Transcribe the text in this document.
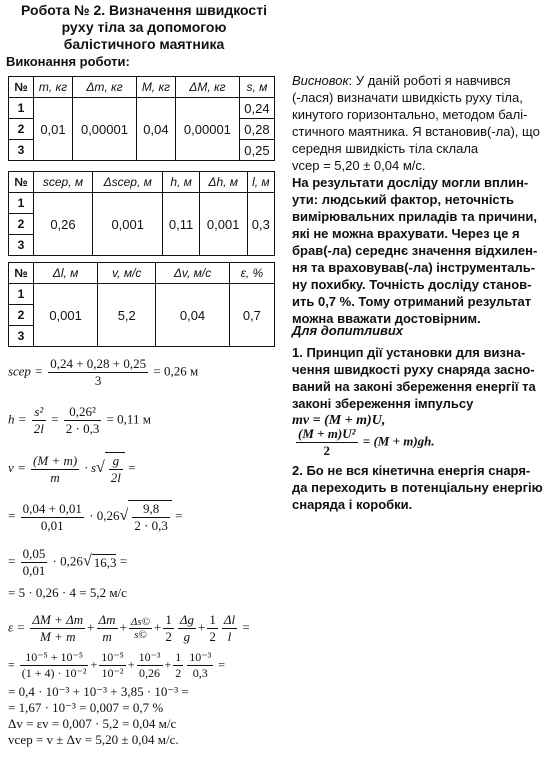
Робота № 2. Визначення швидкості
руху тіла за допомогою
балістичного маятника
Виконання роботи:
№	m, кг	Δm, кг	M, кг	ΔM, кг	s, м
1	0,01	0,00001	0,04	0,00001	0,24
2					0,28
3					0,25
№	sсер, м	Δsсер, м	h, м	Δh, м	l, м
1	0,26	0,001	0,11	0,001	0,3
2					
3					
№	Δl, м	v, м/с	Δv, м/с	ε, %
1	0,001	5,2	0,04	0,7
2				
3				
sсер = $\frac{0,24 + 0,28 + 0,25}{3} = 0,26$ м
$h = \frac{\text{s²}}{2l} = \frac{\text{0,26²}}{2 \cdot 0,3} = 0,11$ м
$v = \frac{(M + m)}{m} \cdot s√ \frac{g}{2l}$ =
= $\frac{0,04 + 0,01}{0,01} \cdot 0,26√ \frac{9,8}{2 \cdot 0,3}$ =
= $\frac{0,05}{0,01} \cdot 0,26√$ 16,3 =
= 5 · 0,26 · 4 = 5,2 м/с
$\varepsilon = \frac{\Delta M + \Delta m}{M + m} + \frac{\Delta m}{m} + \frac{\Delta s©}{s©} + \frac{1}{2} \frac{\Delta g}{g} + \frac{1}{2} \frac{\Delta l}{l}$ =
= $\frac{\text{10⁻⁵ + 10⁻⁵}}{\text{(1 + 4) · 10⁻²}} + \frac{\text{10⁻⁵}}{\text{10⁻²}} + \frac{\text{10⁻³}}{0,26} + \frac{1}{2} \frac{\text{10⁻³}}{0,3}$ =
= 0,4 · 10⁻³ + 10⁻³ + 3,85 · 10⁻³ =
= 1,67 · 10⁻³ = 0,007 = 0,7 %
Δv = εv = 0,007 · 5,2 = 0,04 м/с
vсер = v ± Δv = 5,20 ± 0,04 м/с.
Висновок: У даній роботі я навчився
(-лася) визначати швидкість руху тіла,
кинутого горизонтально, методом балі-
стичного маятника. Я встановив(-ла), що
середня швидкість тіла склала
vсер = 5,20 ± 0,04 м/с.
На результати досліду могли вплин-
ути: людський фактор, неточність
вимірювальних приладів та причини,
які не можна врахувати. Через це я
брав(-ла) середнє значення відхилен-
ня та враховував(-ла) інструменталь-
ну похибку. Точність досліду станов-
ить 0,7 %. Тому отриманий результат
можна вважати достовірним.
Для допитливих
1. Принцип дії установки для визна-
чення швидкості руху снаряда засно-
ваний на законі збереження енергії та
законі збереження імпульсу
mv = (M + m)U,
$\frac{\text{(M + m)U²}}{2} = (M + m)gh$.
2. Бо не вся кінетична енергія снаря-
да переходить в потенціальну енергію
снаряда і коробки.
